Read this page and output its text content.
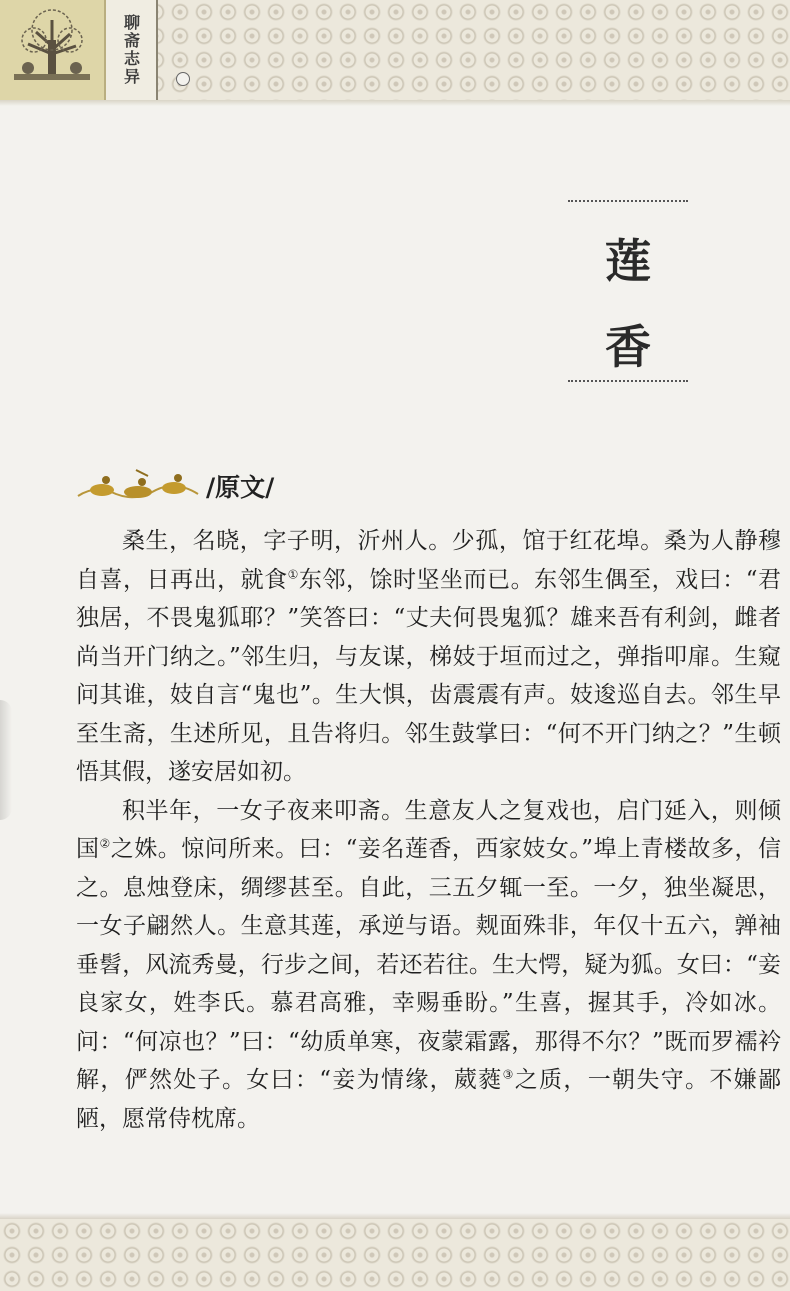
聊斋志异
莲
香
/原文/

桑生，名晓，字子明，沂州人。少孤，馆于红花埠。桑为人静穆自喜，日再出，就食①东邻，馀时坚坐而已。东邻生偶至，戏曰：“君独居，不畏鬼狐耶？”笑答曰：“丈夫何畏鬼狐？雄来吾有利剑，雌者尚当开门纳之。”邻生归，与友谋，梯妓于垣而过之，弹指叩扉。生窥问其谁，妓自言“鬼也”。生大惧，齿震震有声。妓逡巡自去。邻生早至生斋，生述所见，且告将归。邻生鼓掌曰：“何不开门纳之？”生顿悟其假，遂安居如初。

积半年，一女子夜来叩斋。生意友人之复戏也，启门延入，则倾国②之姝。惊问所来。曰：“妾名莲香，西家妓女。”埠上青楼故多，信之。息烛登床，绸缪甚至。自此，三五夕辄一至。一夕，独坐凝思，一女子翩然人。生意其莲，承逆与语。觌面殊非，年仅十五六，亸袖垂髫，风流秀曼，行步之间，若还若往。生大愕，疑为狐。女曰：“妾良家女，姓李氏。慕君高雅，幸赐垂盼。”生喜，握其手，冷如冰。问：“何凉也？”曰：“幼质单寒，夜蒙霜露，那得不尔？”既而罗襦衿解，俨然处子。女曰：“妾为情缘，葳蕤③之质，一朝失守。不嫌鄙陋，愿常侍枕席。
